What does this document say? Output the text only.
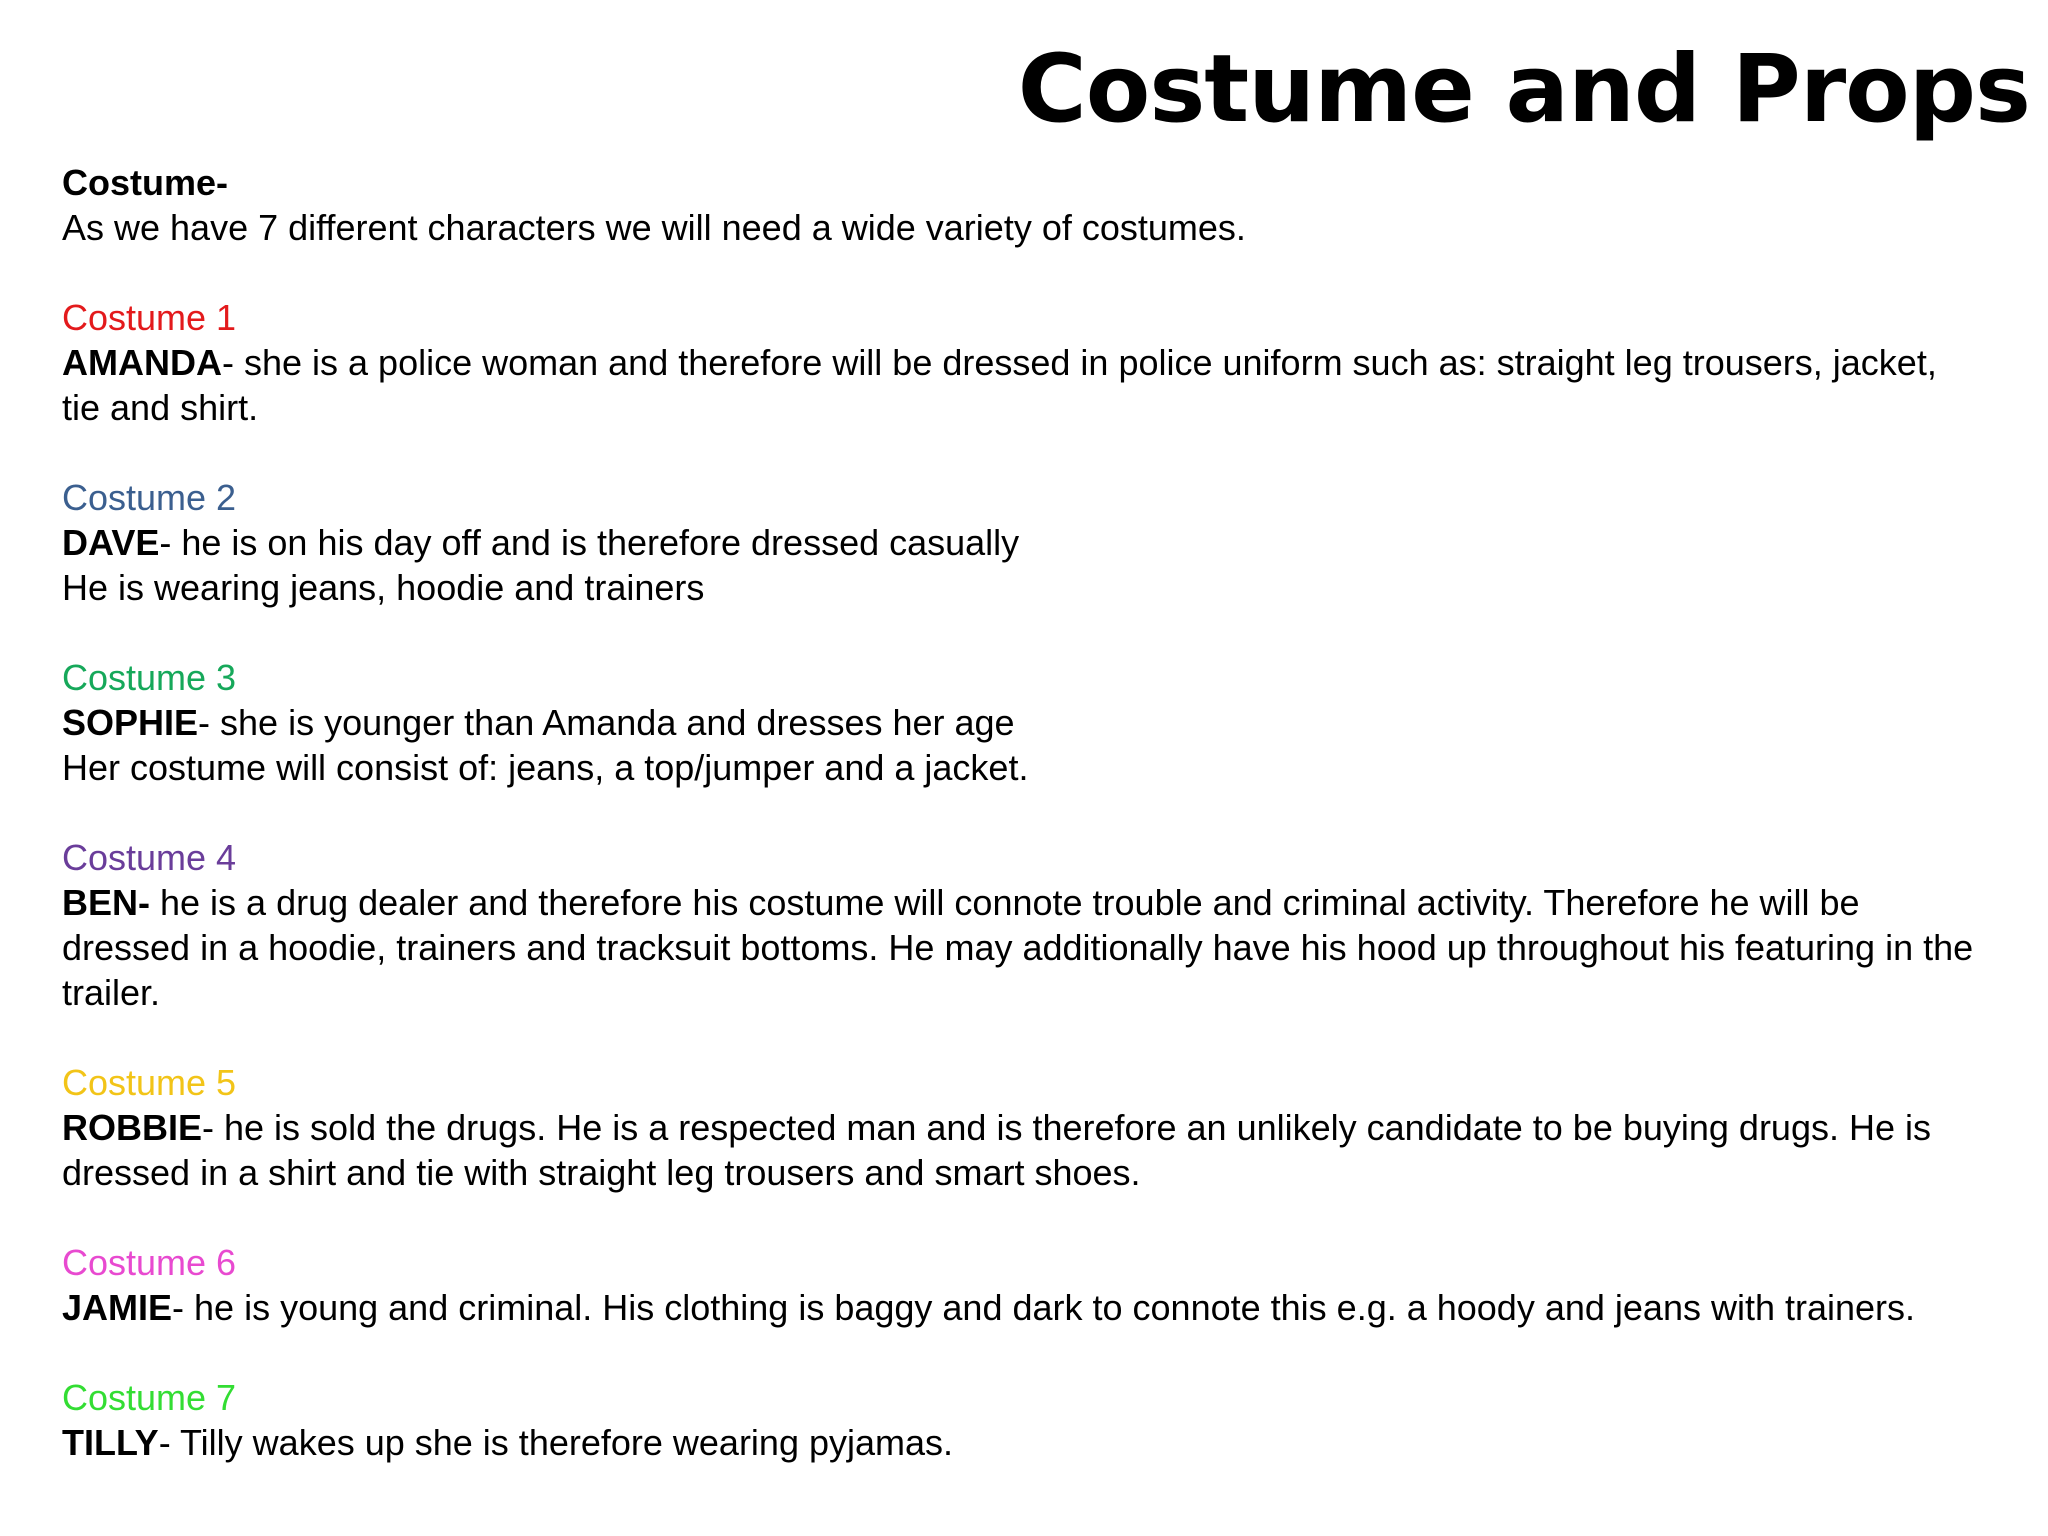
Costume and Props
Costume-

As we have 7 different characters we will need a wide variety of costumes.

Costume 1

AMANDA- she is a police woman and therefore will be dressed in police uniform such as: straight leg trousers, jacket, tie and shirt.

Costume 2

DAVE- he is on his day off and is therefore dressed casually

He is wearing jeans, hoodie and trainers

Costume 3

SOPHIE- she is younger than Amanda and dresses her age

Her costume will consist of: jeans, a top/jumper and a jacket.

Costume 4

BEN- he is a drug dealer and therefore his costume will connote trouble and criminal activity. Therefore he will be dressed in a hoodie, trainers and tracksuit bottoms. He may additionally have his hood up throughout his featuring in the trailer.

Costume 5

ROBBIE- he is sold the drugs. He is a respected man and is therefore an unlikely candidate to be buying drugs. He is dressed in a shirt and tie with straight leg trousers and smart shoes.

Costume 6

JAMIE- he is young and criminal. His clothing is baggy and dark to connote this e.g. a hoody and jeans with trainers.

Costume 7

TILLY- Tilly wakes up she is therefore wearing pyjamas.
